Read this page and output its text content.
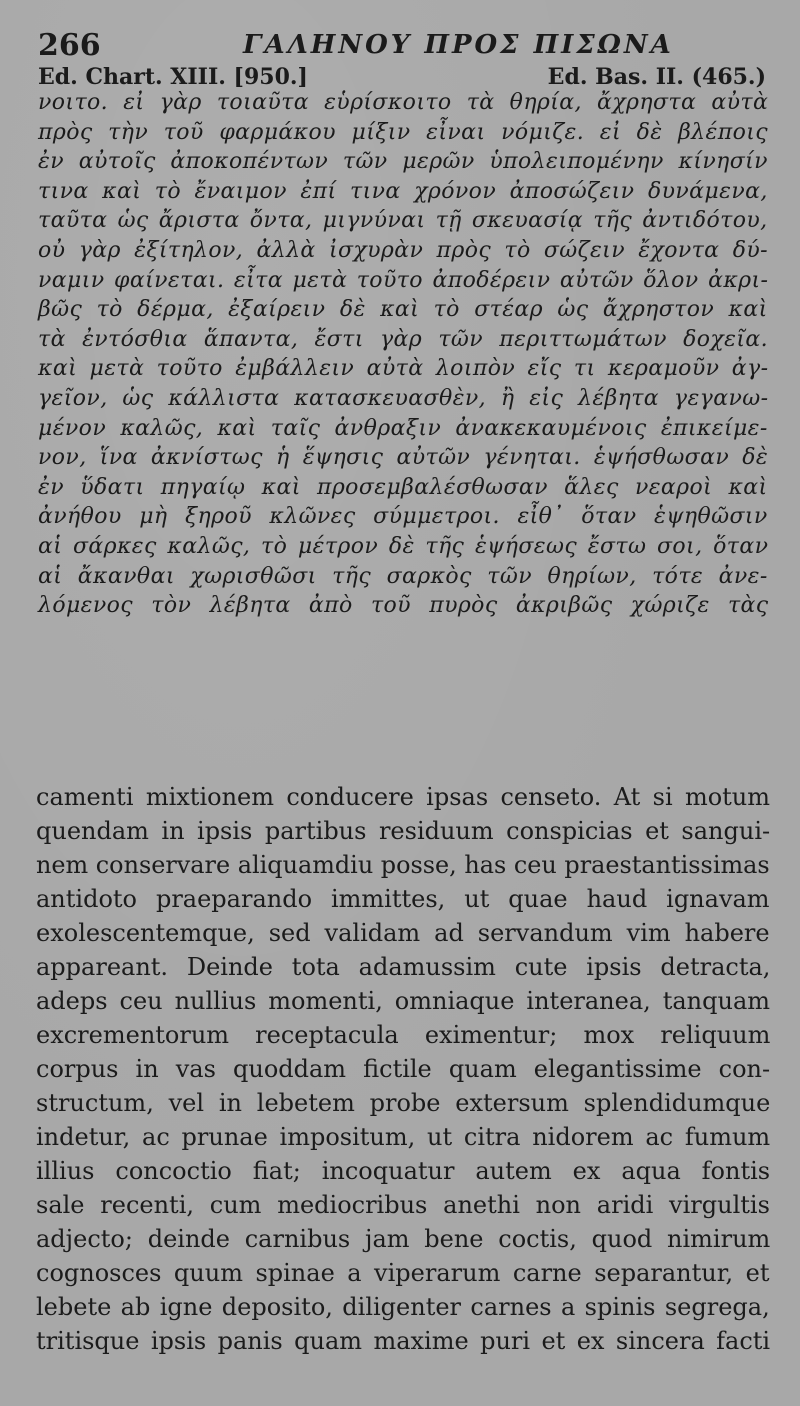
266	ΓΑΛΗΝΟΥ ΠΡΟΣ ΠΙΣΩΝΑ
Ed. Chart. XIII. [950.]	Ed. Bas. II. (465.)
νοιτο. εἰ γὰρ τοιαῦτα εὑρίσκοιτο τὰ θηρία, ἄχρηστα αὐτὰ
πρὸς τὴν τοῦ φαρμάκου μίξιν εἶναι νόμιζε. εἰ δὲ βλέποις
ἐν αὐτοῖς ἀποκοπέντων τῶν μερῶν ὑπολειπομένην κίνησίν
τινα καὶ τὸ ἔναιμον ἐπί τινα χρόνον ἀποσώζειν δυνάμενα,
ταῦτα ὡς ἄριστα ὄντα, μιγνύναι τῇ σκευασίᾳ τῆς ἀντιδότου,
οὐ γὰρ ἐξίτηλον, ἀλλὰ ἰσχυρὰν πρὸς τὸ σώζειν ἔχοντα δύ-
ναμιν φαίνεται. εἶτα μετὰ τοῦτο ἀποδέρειν αὐτῶν ὅλον ἀκρι-
βῶς τὸ δέρμα, ἐξαίρειν δὲ καὶ τὸ στέαρ ὡς ἄχρηστον καὶ
τὰ ἐντόσθια ἅπαντα, ἔστι γὰρ τῶν περιττωμάτων δοχεῖα.
καὶ μετὰ τοῦτο ἐμβάλλειν αὐτὰ λοιπὸν εἴς τι κεραμοῦν ἀγ-
γεῖον, ὡς κάλλιστα κατασκευασθὲν, ἢ εἰς λέβητα γεγανω-
μένον καλῶς, καὶ ταῖς ἀνθραξιν ἀνακεκαυμένοις ἐπικείμε-
νον, ἵνα ἀκνίστως ἡ ἕψησις αὐτῶν γένηται. ἑψήσθωσαν δὲ
ἐν ὕδατι πηγαίῳ καὶ προσεμβαλέσθωσαν ἅλες νεαροὶ καὶ
ἀνήθου μὴ ξηροῦ κλῶνες σύμμετροι. εἶθ᾽ ὅταν ἑψηθῶσιν
αἱ σάρκες καλῶς, τὸ μέτρον δὲ τῆς ἑψήσεως ἔστω σοι, ὅταν
αἱ ἄκανθαι χωρισθῶσι τῆς σαρκὸς τῶν θηρίων, τότε ἀνε-
λόμενος τὸν λέβητα ἀπὸ τοῦ πυρὸς ἀκριβῶς χώριζε τὰς
camenti mixtionem conducere ipsas censeto. At si motum
quendam in ipsis partibus residuum conspicias et sangui-
nem conservare aliquamdiu posse, has ceu praestantissimas
antidoto praeparando immittes, ut quae haud ignavam
exolescentemque, sed validam ad servandum vim habere
appareant. Deinde tota adamussim cute ipsis detracta,
adeps ceu nullius momenti, omniaque interanea, tanquam
excrementorum receptacula eximentur; mox reliquum
corpus in vas quoddam fictile quam elegantissime con-
structum, vel in lebetem probe extersum splendidumque
indetur, ac prunae impositum, ut citra nidorem ac fumum
illius concoctio fiat; incoquatur autem ex aqua fontis
sale recenti, cum mediocribus anethi non aridi virgultis
adjecto; deinde carnibus jam bene coctis, quod nimirum
cognosces quum spinae a viperarum carne separantur, et
lebete ab igne deposito, diligenter carnes a spinis segrega,
tritisque ipsis panis quam maxime puri et ex sincera facti
